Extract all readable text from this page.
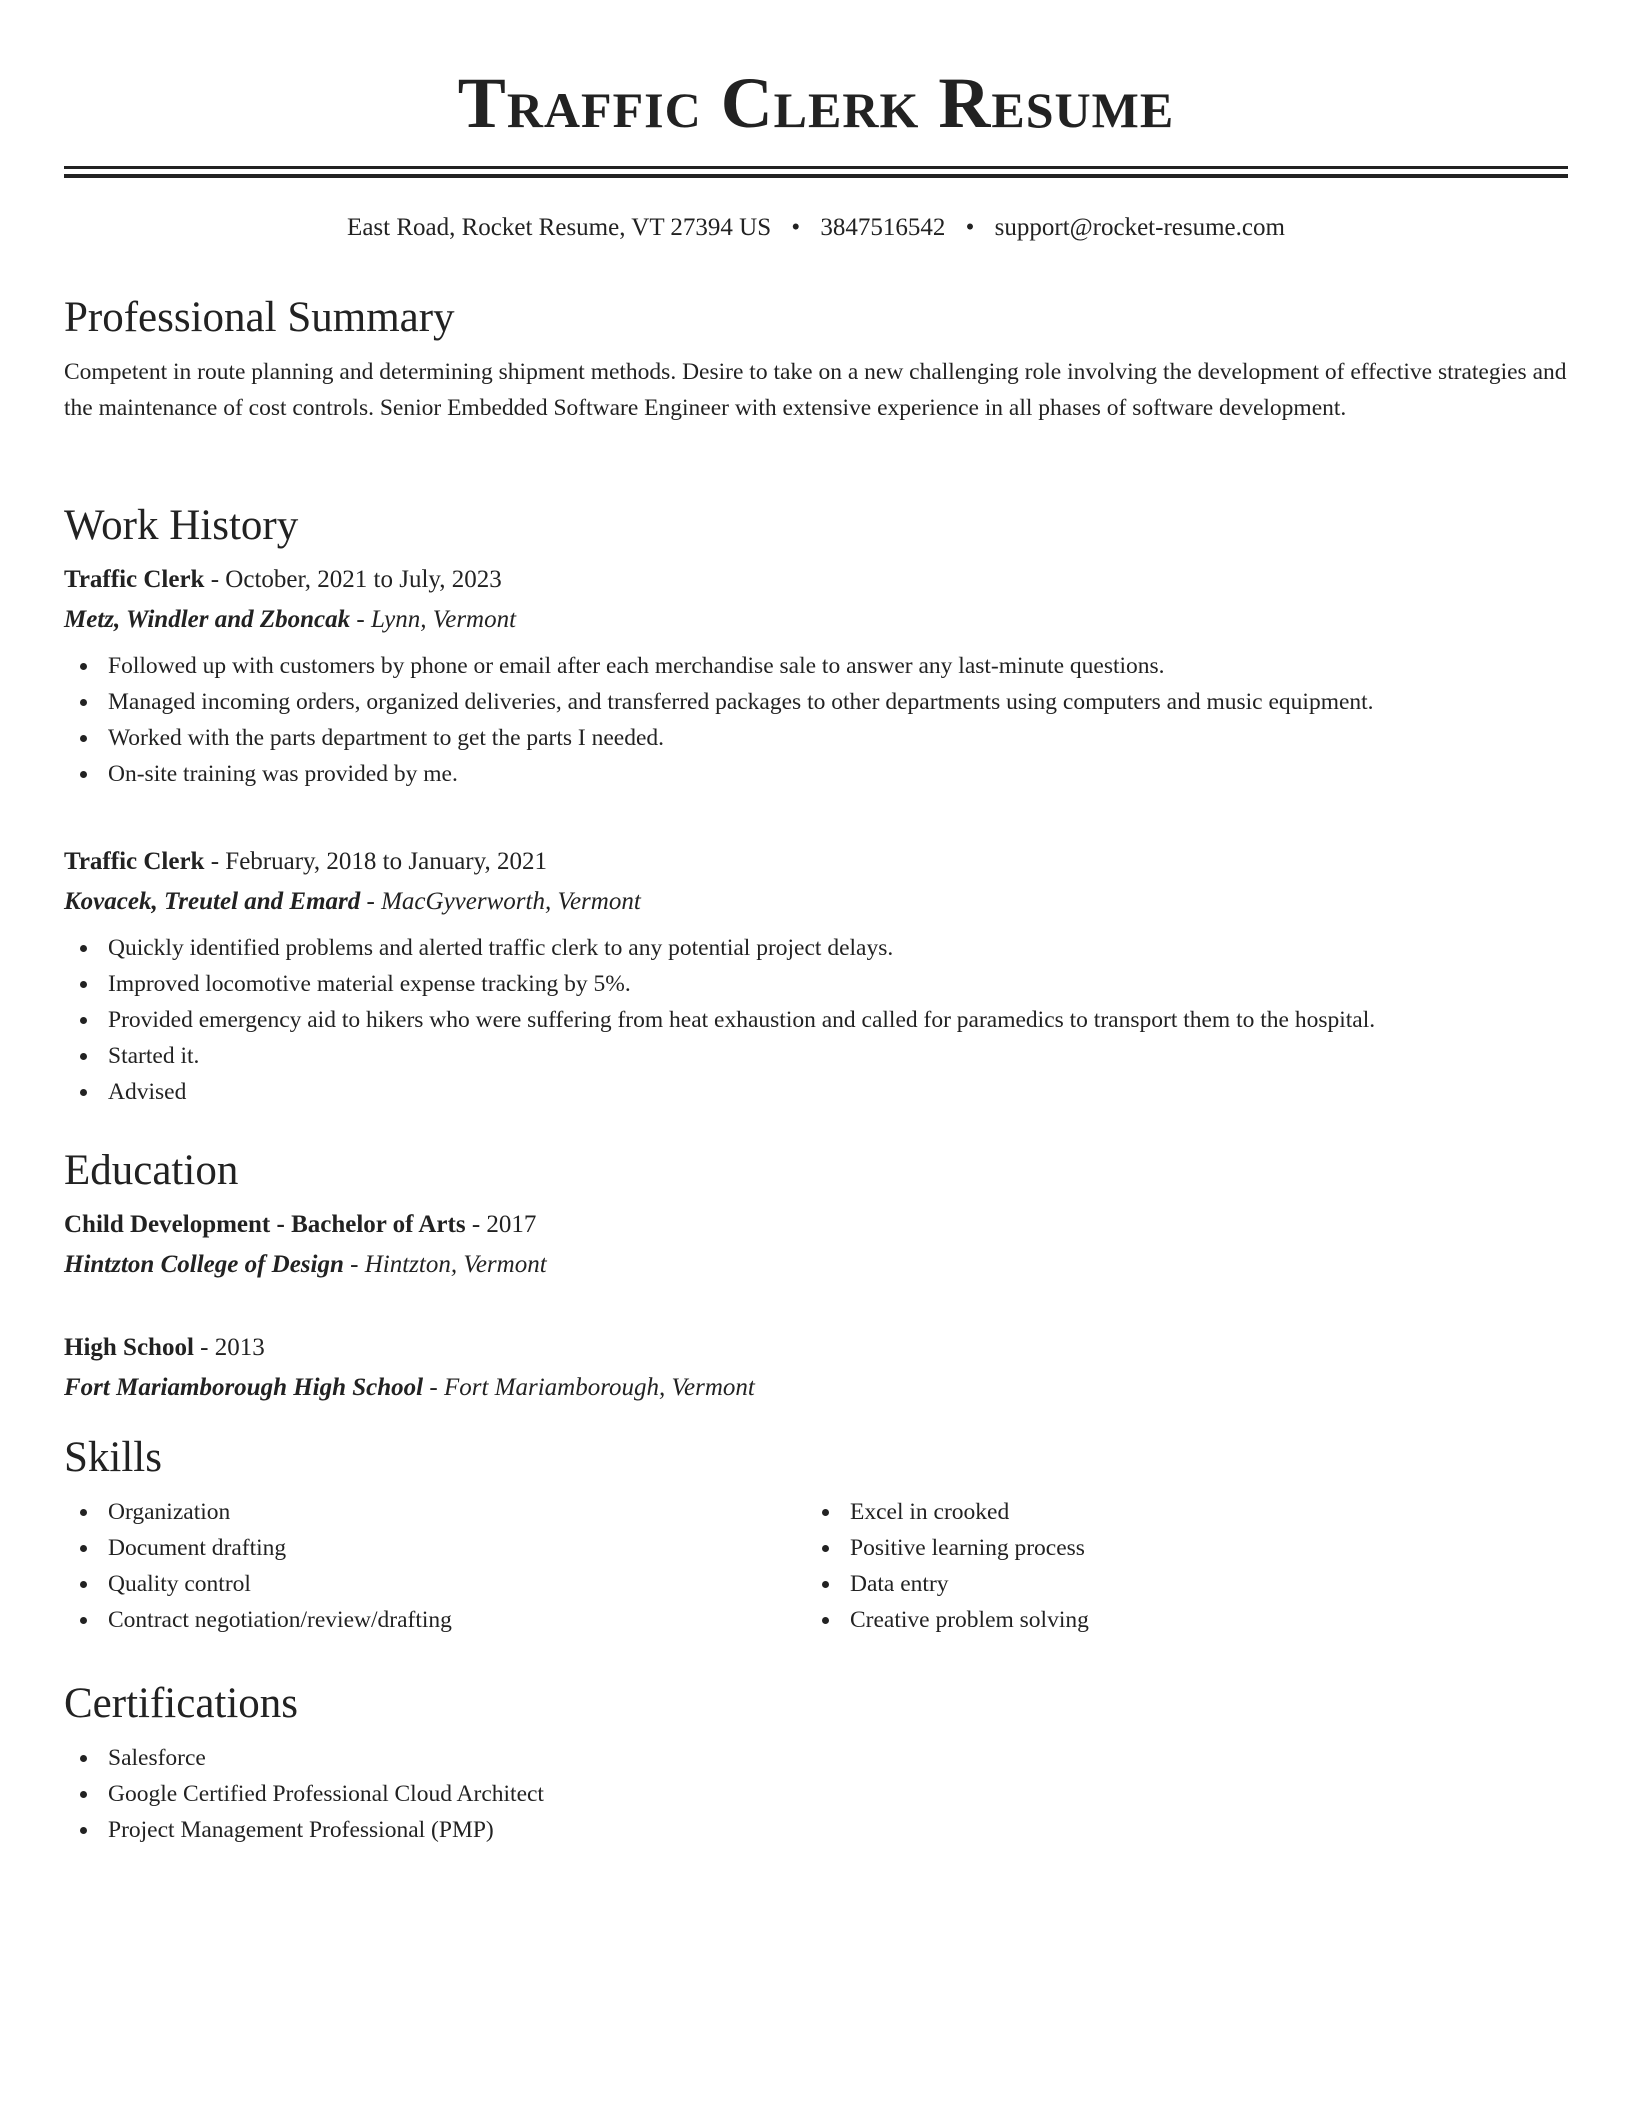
Traffic Clerk Resume
East Road, Rocket Resume, VT 27394 US • 3847516542 • support@rocket-resume.com
Professional Summary

Competent in route planning and determining shipment methods. Desire to take on a new challenging role involving the development of effective strategies and the maintenance of cost controls. Senior Embedded Software Engineer with extensive experience in all phases of software development.

Work History
Traffic Clerk - October, 2021 to July, 2023
Metz, Windler and Zboncak - Lynn, Vermont
Followed up with customers by phone or email after each merchandise sale to answer any last-minute questions.
Managed incoming orders, organized deliveries, and transferred packages to other departments using computers and music equipment.
Worked with the parts department to get the parts I needed.
On-site training was provided by me.
Traffic Clerk - February, 2018 to January, 2021
Kovacek, Treutel and Emard - MacGyverworth, Vermont
Quickly identified problems and alerted traffic clerk to any potential project delays.
Improved locomotive material expense tracking by 5%.
Provided emergency aid to hikers who were suffering from heat exhaustion and called for paramedics to transport them to the hospital.
Started it.
Advised
Education
Child Development - Bachelor of Arts - 2017
Hintzton College of Design - Hintzton, Vermont
High School - 2013
Fort Mariamborough High School - Fort Mariamborough, Vermont
Skills
Organization
Document drafting
Quality control
Contract negotiation/review/drafting
Excel in crooked
Positive learning process
Data entry
Creative problem solving
Certifications
Salesforce
Google Certified Professional Cloud Architect
Project Management Professional (PMP)
